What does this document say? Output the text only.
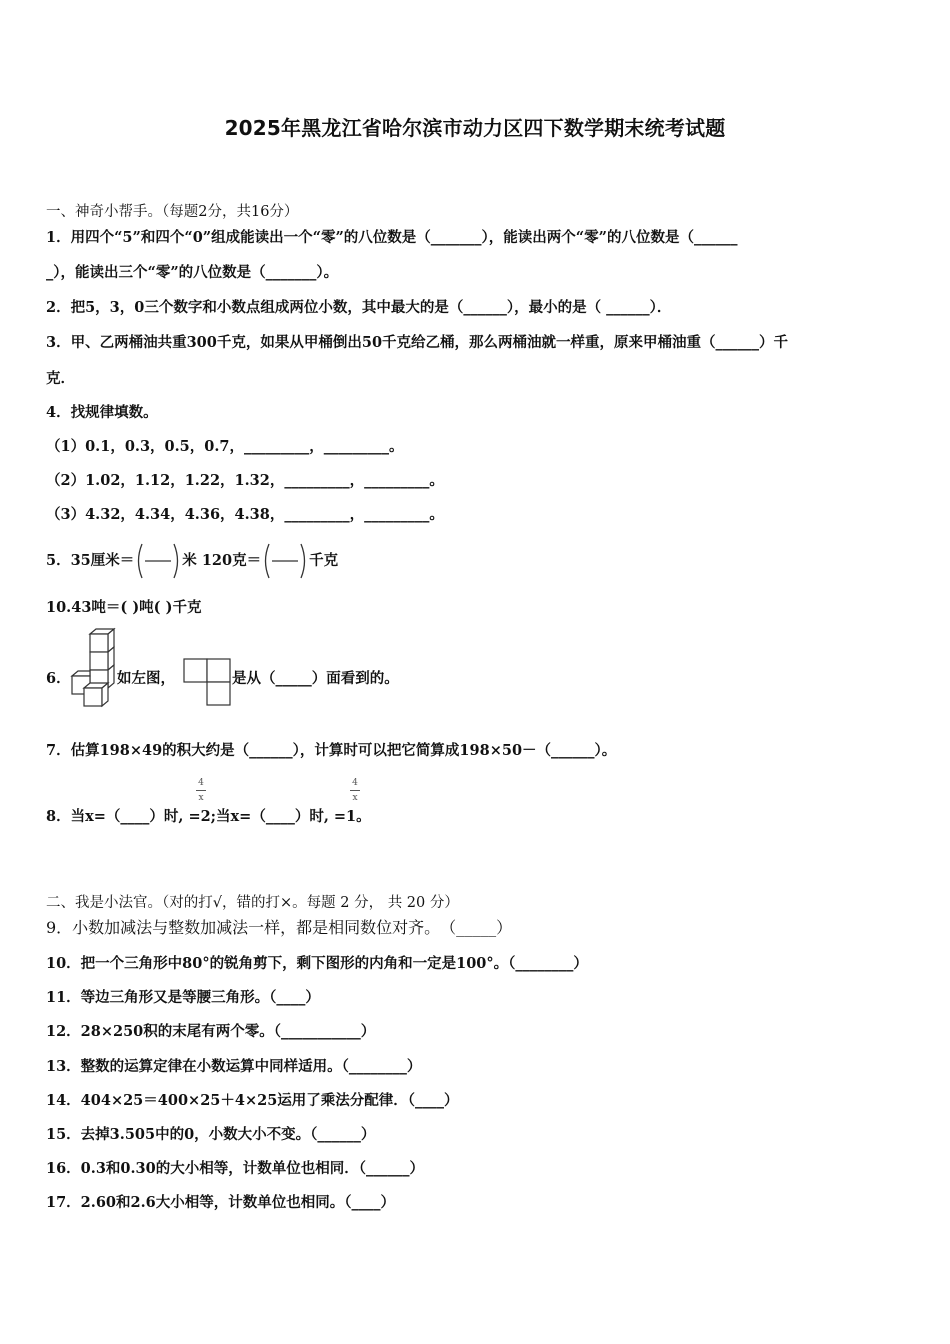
2025年黑龙江省哈尔滨市动力区四下数学期末统考试题
一、神奇小帮手。（每题2分，共16分）
1．用四个“5”和四个“0”组成能读出一个“零”的八位数是（_______），能读出两个“零”的八位数是（______
_），能读出三个“零”的八位数是（_______）。
2．把5，3，0三个数字和小数点组成两位小数，其中最大的是（______），最小的是（ ______）．
3．甲、乙两桶油共重300千克，如果从甲桶倒出50千克给乙桶，那么两桶油就一样重，原来甲桶油重（______）千
克．
4．找规律填数。
（1）0.1，0.3，0.5，0.7，_________，_________。
（2）1.02，1.12，1.22，1.32，_________，_________。
（3）4.32，4.34，4.36，4.38，_________，_________。
5．35厘米＝	米 120克＝	千克
10.43吨＝( )吨( )千克
6．	如左图，	是从（_____）面看到的。
7．估算198×49的积大约是（______），计算时可以把它简算成198×50－（______）。
8．当x=（____）时, =2;当x=（____）时, =1。
4
x
4
x
二、我是小法官。（对的打√，错的打×。每题 2 分， 共 20 分）
9．小数加减法与整数加减法一样，都是相同数位对齐。　（_____）
10．把一个三角形中80°的锐角剪下，剩下图形的内角和一定是100°。（________）
11．等边三角形又是等腰三角形。（____）
12．28×250积的末尾有两个零。（___________）
13．整数的运算定律在小数运算中同样适用。（________）
14．404×25＝400×25＋4×25运用了乘法分配律．（____）
15．去掉3.505中的0，小数大小不变。（______）
16．0.3和0.30的大小相等，计数单位也相同．（______）
17．2.60和2.6大小相等，计数单位也相同。（____）
